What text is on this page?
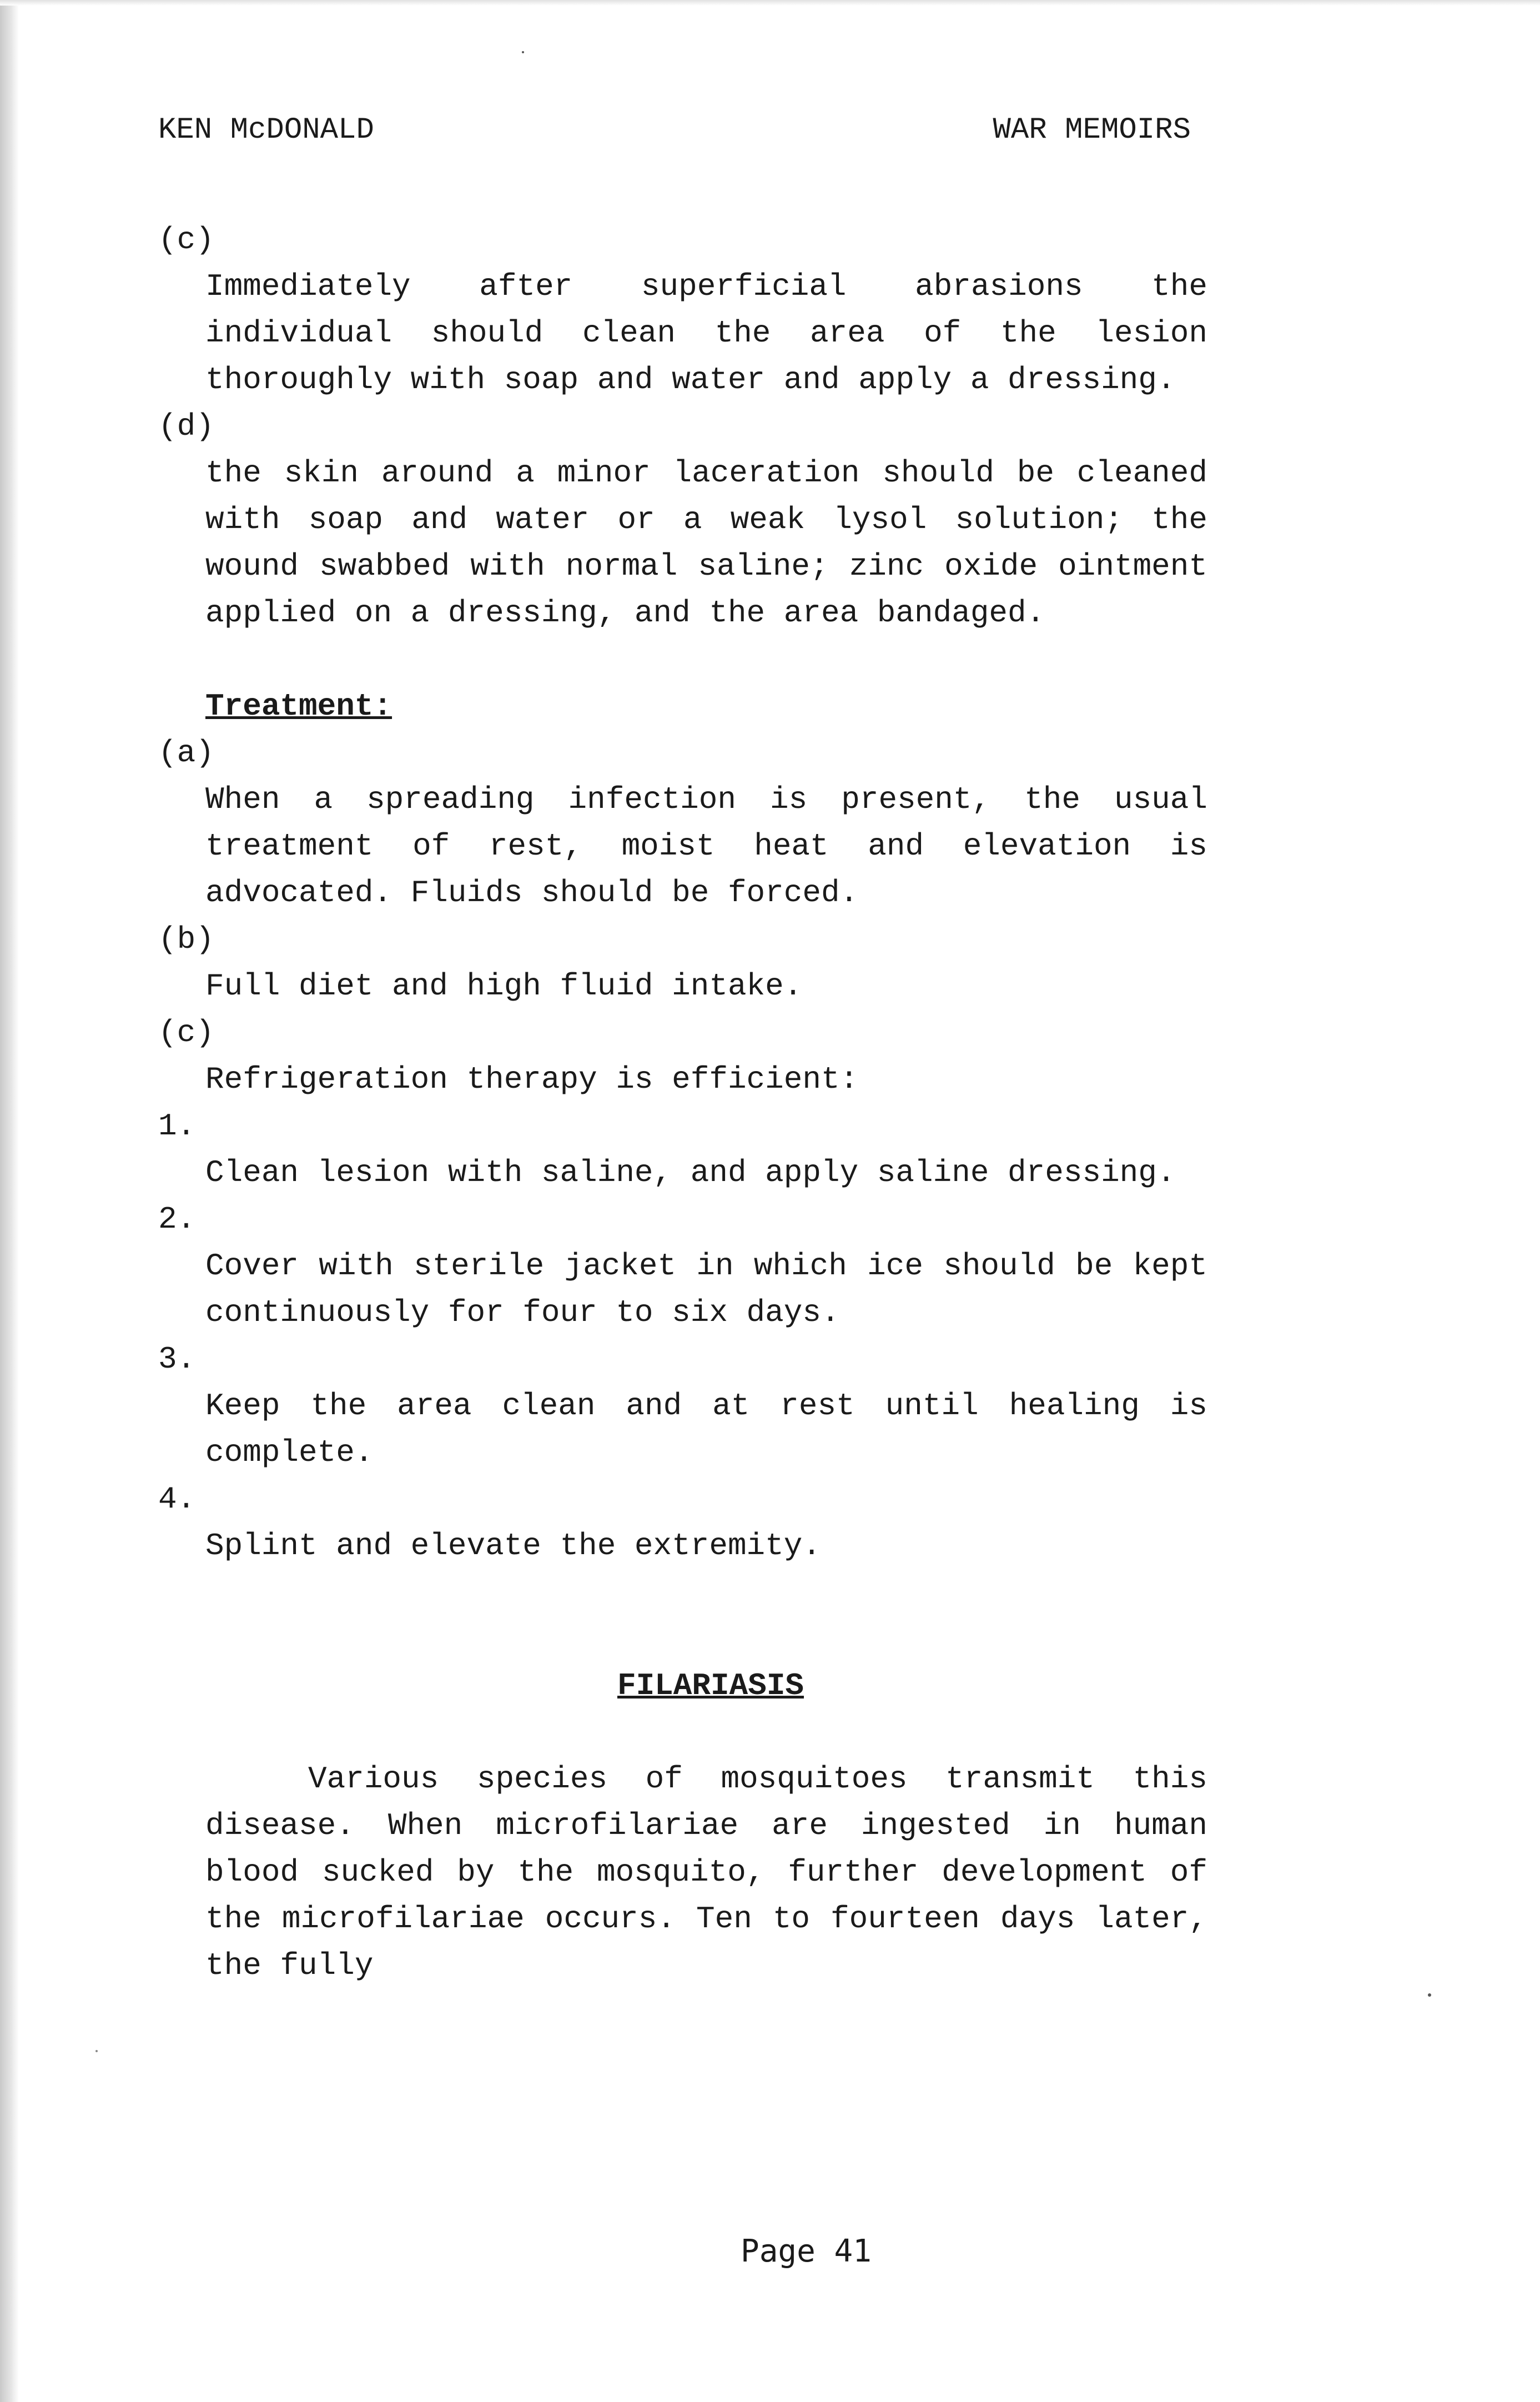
KEN McDONALD	WAR MEMOIRS
(c)
Immediately after superficial abrasions the individual should clean the area of the lesion thoroughly with soap and water and apply a dressing.
(d)
the skin around a minor laceration should be cleaned with soap and water or a weak lysol solution; the wound swabbed with normal saline; zinc oxide ointment applied on a dressing, and the area bandaged.
Treatment:
(a)
When a spreading infection is present, the usual treatment of rest, moist heat and elevation is advocated. Fluids should be forced.
(b)
Full diet and high fluid intake.
(c)
Refrigeration therapy is efficient:
1.
Clean lesion with saline, and apply saline dressing.
2.
Cover with sterile jacket in which ice should be kept continuously for four to six days.
3.
Keep the area clean and at rest until healing is complete.
4.
Splint and elevate the extremity.
FILARIASIS
Various species of mosquitoes transmit this disease. When microfilariae are ingested in human blood sucked by the mosquito, further development of the microfilariae occurs. Ten to fourteen days later, the fully
Page 41
